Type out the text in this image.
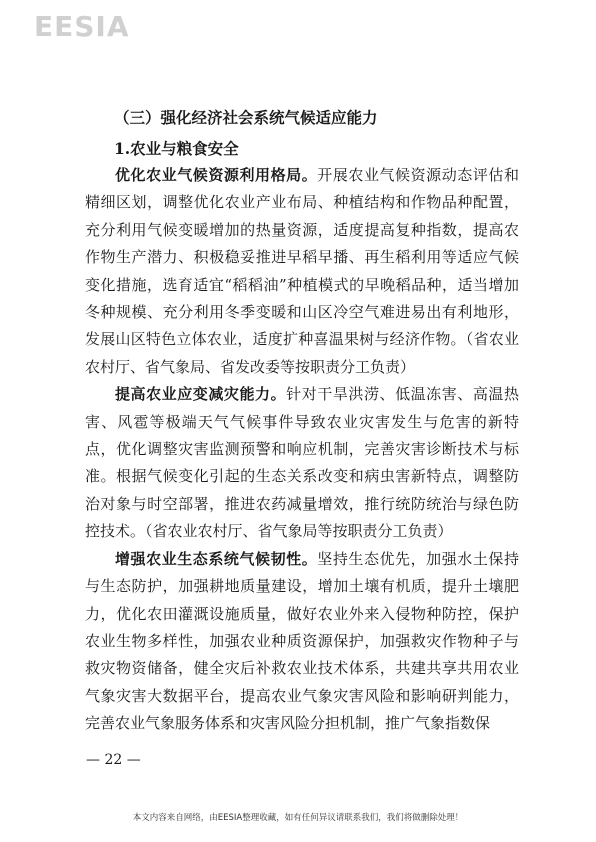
EESIA
（三）强化经济社会系统气候适应能力
1.农业与粮食安全

优化农业气候资源利用格局。开展农业气候资源动态评估和精细区划，调整优化农业产业布局、种植结构和作物品种配置，充分利用气候变暖增加的热量资源，适度提高复种指数，提高农作物生产潜力、积极稳妥推进早稻早播、再生稻利用等适应气候变化措施，选育适宜“稻稻油”种植模式的早晚稻品种，适当增加冬种规模、充分利用冬季变暖和山区冷空气难进易出有利地形，发展山区特色立体农业，适度扩种喜温果树与经济作物。（省农业农村厅、省气象局、省发改委等按职责分工负责）

提高农业应变减灾能力。针对干旱洪涝、低温冻害、高温热害、风雹等极端天气气候事件导致农业灾害发生与危害的新特点，优化调整灾害监测预警和响应机制，完善灾害诊断技术与标准。根据气候变化引起的生态关系改变和病虫害新特点，调整防治对象与时空部署，推进农药减量增效，推行统防统治与绿色防控技术。（省农业农村厅、省气象局等按职责分工负责）

增强农业生态系统气候韧性。坚持生态优先，加强水土保持与生态防护，加强耕地质量建设，增加土壤有机质，提升土壤肥力，优化农田灌溉设施质量，做好农业外来入侵物种防控，保护农业生物多样性，加强农业种质资源保护，加强救灾作物种子与救灾物资储备，健全灾后补救农业技术体系，共建共享共用农业气象灾害大数据平台，提高农业气象灾害风险和影响研判能力，完善农业气象服务体系和灾害风险分担机制，推广气象指数保

— 22 —
本文内容来自网络，由EESIA整理收藏，如有任何异议请联系我们，我们将做删除处理！
